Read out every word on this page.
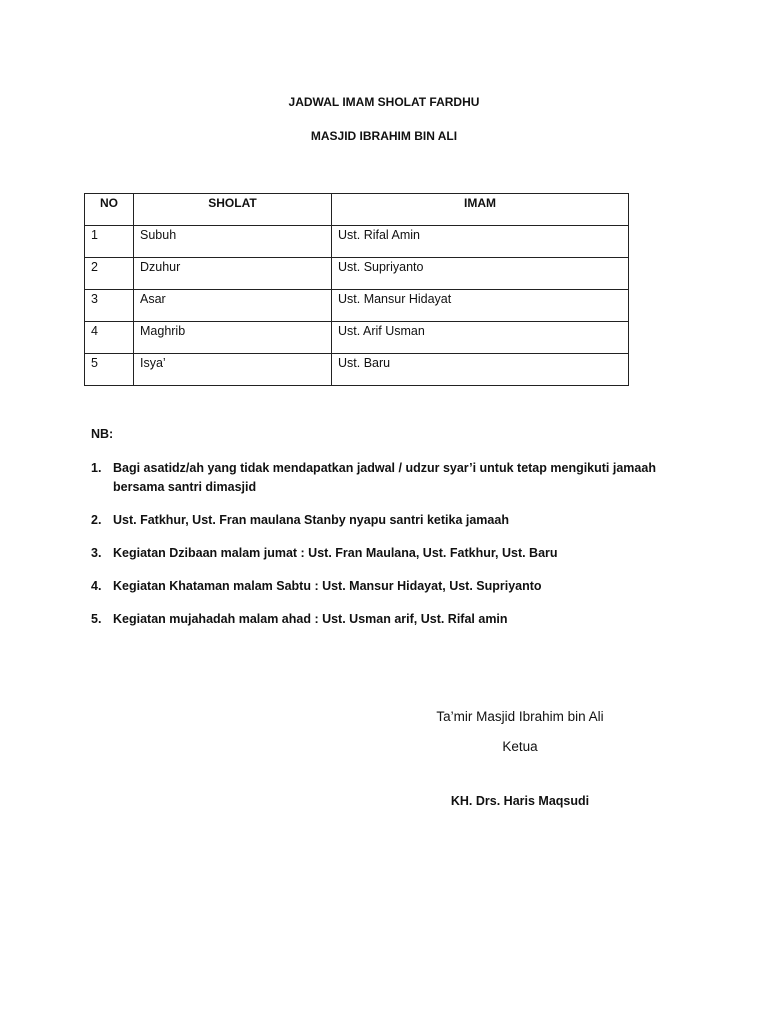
JADWAL IMAM SHOLAT FARDHU
MASJID IBRAHIM BIN ALI
NO	SHOLAT	IMAM
1	Subuh	Ust. Rifal Amin
2	Dzuhur	Ust. Supriyanto
3	Asar	Ust. Mansur Hidayat
4	Maghrib	Ust. Arif Usman
5	Isya’	Ust. Baru
NB:
1. Bagi asatidz/ah yang tidak mendapatkan jadwal / udzur syar’i untuk tetap mengikuti jamaah bersama santri dimasjid
2. Ust. Fatkhur, Ust. Fran maulana Stanby nyapu santri ketika jamaah
3. Kegiatan Dzibaan malam jumat : Ust. Fran Maulana, Ust. Fatkhur, Ust. Baru
4. Kegiatan Khataman malam Sabtu : Ust. Mansur Hidayat, Ust. Supriyanto
5. Kegiatan mujahadah malam ahad : Ust. Usman arif, Ust. Rifal amin
Ta’mir Masjid Ibrahim bin Ali
Ketua
KH. Drs. Haris Maqsudi
